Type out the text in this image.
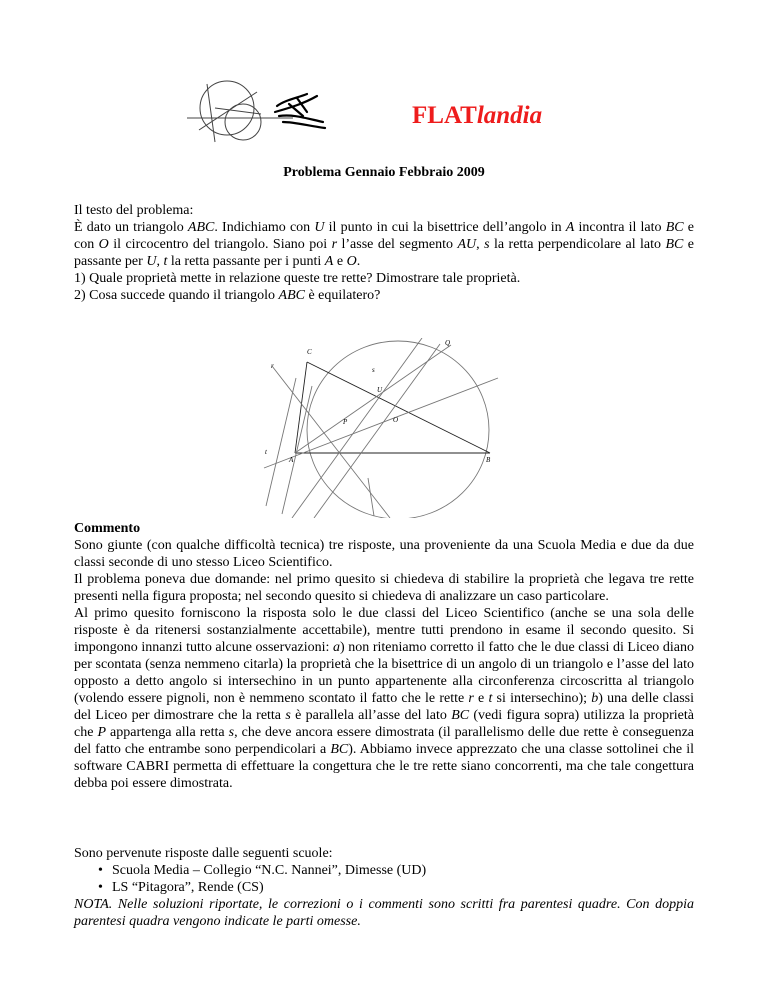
FLATlandia
Problema Gennaio Febbraio 2009

Il testo del problema:

È dato un triangolo ABC. Indichiamo con U il punto in cui la bisettrice dell’angolo in A incontra il lato BC e con O il circocentro del triangolo. Siano poi r l’asse del segmento AU, s la retta perpendicolare al lato BC e passante per U, t la retta passante per i punti A e O.

1) Quale proprietà mette in relazione queste tre rette? Dimostrare tale proprietà.

2) Cosa succede quando il triangolo ABC è equilatero?

Q
C
r	s
U
O
P
t
A	B

Commento

Sono giunte (con qualche difficoltà tecnica) tre risposte, una proveniente da una Scuola Media e due da due classi seconde di uno stesso Liceo Scientifico.

Il problema poneva due domande: nel primo quesito si chiedeva di stabilire la proprietà che legava tre rette presenti nella figura proposta; nel secondo quesito si chiedeva di analizzare un caso particolare.

Al primo quesito forniscono la risposta solo le due classi del Liceo Scientifico (anche se una sola delle risposte è da ritenersi sostanzialmente accettabile), mentre tutti prendono in esame il secondo quesito. Si impongono innanzi tutto alcune osservazioni: a) non riteniamo corretto il fatto che le due classi di Liceo diano per scontata (senza nemmeno citarla) la proprietà che la bisettrice di un angolo di un triangolo e l’asse del lato opposto a detto angolo si intersechino in un punto appartenente alla circonferenza circoscritta al triangolo (volendo essere pignoli, non è nemmeno scontato il fatto che le rette r e t si intersechino); b) una delle classi del Liceo per dimostrare che la retta s è parallela all’asse del lato BC (vedi figura sopra) utilizza la proprietà che P appartenga alla retta s, che deve ancora essere dimostrata (il parallelismo delle due rette è conseguenza del fatto che entrambe sono perpendicolari a BC). Abbiamo invece apprezzato che una classe sottolinei che il software CABRI permetta di effettuare la congettura che le tre rette siano concorrenti, ma che tale congettura debba poi essere dimostrata.

Sono pervenute risposte dalle seguenti scuole:

• Scuola Media – Collegio “N.C. Nannei”, Dimesse (UD)
• LS “Pitagora”, Rende (CS)

NOTA. Nelle soluzioni riportate, le correzioni o i commenti sono scritti fra parentesi quadre. Con doppia parentesi quadra vengono indicate le parti omesse.
